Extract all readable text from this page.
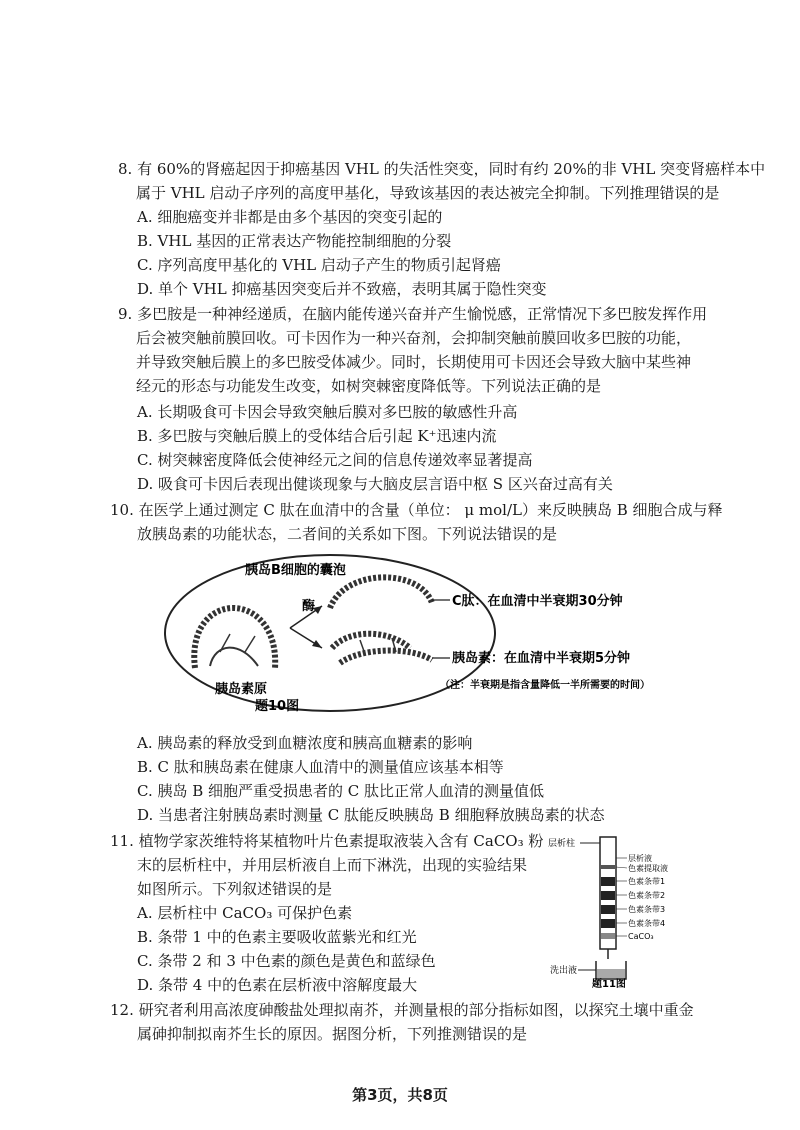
8. 有 60%的肾癌起因于抑癌基因 VHL 的失活性突变，同时有约 20%的非 VHL 突变肾癌样本中
属于 VHL 启动子序列的高度甲基化，导致该基因的表达被完全抑制。下列推理错误的是
A. 细胞癌变并非都是由多个基因的突变引起的
B. VHL 基因的正常表达产物能控制细胞的分裂
C. 序列高度甲基化的 VHL 启动子产生的物质引起肾癌
D. 单个 VHL 抑癌基因突变后并不致癌，表明其属于隐性突变
9. 多巴胺是一种神经递质，在脑内能传递兴奋并产生愉悦感，正常情况下多巴胺发挥作用
后会被突触前膜回收。可卡因作为一种兴奋剂，会抑制突触前膜回收多巴胺的功能，
并导致突触后膜上的多巴胺受体减少。同时，长期使用可卡因还会导致大脑中某些神
经元的形态与功能发生改变，如树突棘密度降低等。下列说法正确的是
A. 长期吸食可卡因会导致突触后膜对多巴胺的敏感性升高
B. 多巴胺与突触后膜上的受体结合后引起 K⁺迅速内流
C. 树突棘密度降低会使神经元之间的信息传递效率显著提高
D. 吸食可卡因后表现出健谈现象与大脑皮层言语中枢 S 区兴奋过高有关
10. 在医学上通过测定 C 肽在血清中的含量（单位： μ mol/L）来反映胰岛 B 细胞合成与释
放胰岛素的功能状态，二者间的关系如下图。下列说法错误的是
胰岛B细胞的囊泡
胰岛素原
酶	C肽：在血清中半衰期30分钟
胰岛素：在血清中半衰期5分钟
（注：半衰期是指含量降低一半所需要的时间）
题10图
A. 胰岛素的释放受到血糖浓度和胰高血糖素的影响
B. C 肽和胰岛素在健康人血清中的测量值应该基本相等
C. 胰岛 B 细胞严重受损患者的 C 肽比正常人血清的测量值低
D. 当患者注射胰岛素时测量 C 肽能反映胰岛 B 细胞释放胰岛素的状态
11. 植物学家茨维特将某植物叶片色素提取液装入含有 CaCO₃ 粉
末的层析柱中，并用层析液自上而下淋洗，出现的实验结果
如图所示。下列叙述错误的是
A. 层析柱中 CaCO₃ 可保护色素
B. 条带 1 中的色素主要吸收蓝紫光和红光
C. 条带 2 和 3 中色素的颜色是黄色和蓝绿色
D. 条带 4 中的色素在层析液中溶解度最大
层析柱
洗出液
层析液
色素提取液
色素条带1
色素条带2
色素条带3
色素条带4
CaCO₃
题11图
12. 研究者利用高浓度砷酸盐处理拟南芥，并测量根的部分指标如图，以探究土壤中重金
属砷抑制拟南芥生长的原因。据图分析，下列推测错误的是
第3页，共8页
